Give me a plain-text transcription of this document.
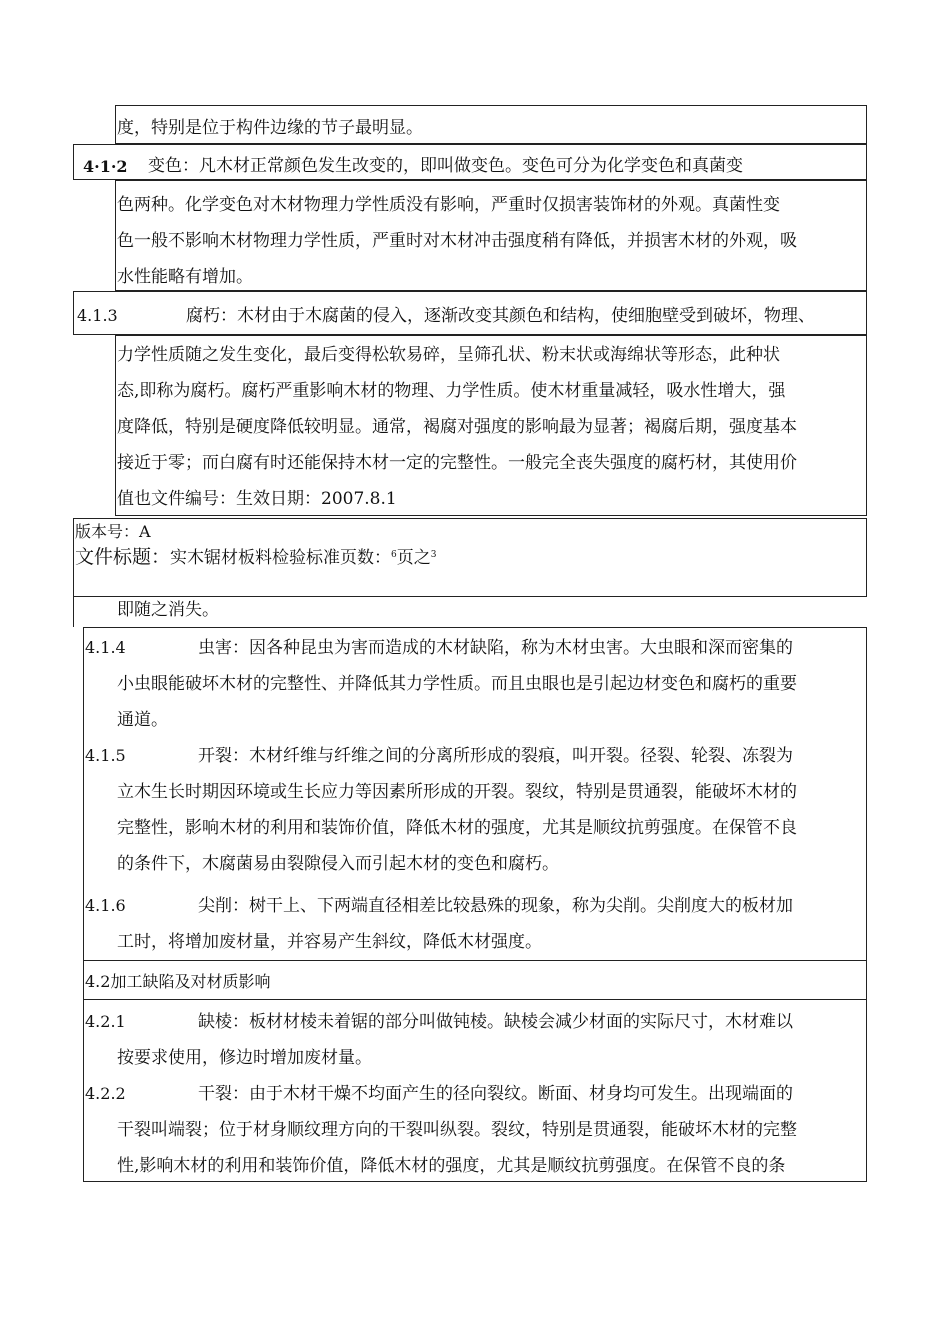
度，特别是位于构件边缘的节子最明显。
4·1·2 变色：凡木材正常颜色发生改变的，即叫做变色。变色可分为化学变色和真菌变
色两种。化学变色对木材物理力学性质没有影响，严重时仅损害装饰材的外观。真菌性变
色一般不影响木材物理力学性质，严重时对木材冲击强度稍有降低，并损害木材的外观，吸
水性能略有增加。
4.1.3	腐朽：木材由于木腐菌的侵入，逐渐改变其颜色和结构，使细胞壁受到破坏，物理、
力学性质随之发生变化，最后变得松软易碎，呈筛孔状、粉末状或海绵状等形态，此种状
态,即称为腐朽。腐朽严重影响木材的物理、力学性质。使木材重量减轻，吸水性增大，强
度降低，特别是硬度降低较明显。通常，褐腐对强度的影响最为显著；褐腐后期，强度基本
接近于零；而白腐有时还能保持木材一定的完整性。一般完全丧失强度的腐朽材，其使用价
值也文件编号：生效日期：2007.8.1
版本号：A
文件标题：实木锯材板料检验标准页数：$^6$页之$^3$
即随之消失。
4.1.4	虫害：因各种昆虫为害而造成的木材缺陷，称为木材虫害。大虫眼和深而密集的
小虫眼能破坏木材的完整性、并降低其力学性质。而且虫眼也是引起边材变色和腐朽的重要
通道。
4.1.5	开裂：木材纤维与纤维之间的分离所形成的裂痕，叫开裂。径裂、轮裂、冻裂为
立木生长时期因环境或生长应力等因素所形成的开裂。裂纹，特别是贯通裂，能破坏木材的
完整性，影响木材的利用和装饰价值，降低木材的强度，尤其是顺纹抗剪强度。在保管不良
的条件下，木腐菌易由裂隙侵入而引起木材的变色和腐朽。
4.1.6	尖削：树干上、下两端直径相差比较悬殊的现象，称为尖削。尖削度大的板材加
工时，将增加废材量，并容易产生斜纹，降低木材强度。
4.2加工缺陷及对材质影响
4.2.1	缺棱：板材材棱未着锯的部分叫做钝棱。缺棱会减少材面的实际尺寸，木材难以
按要求使用，修边时增加废材量。
4.2.2	干裂：由于木材干燥不均面产生的径向裂纹。断面、材身均可发生。出现端面的
干裂叫端裂；位于材身顺纹理方向的干裂叫纵裂。裂纹，特别是贯通裂，能破坏木材的完整
性,影响木材的利用和装饰价值，降低木材的强度，尤其是顺纹抗剪强度。在保管不良的条
